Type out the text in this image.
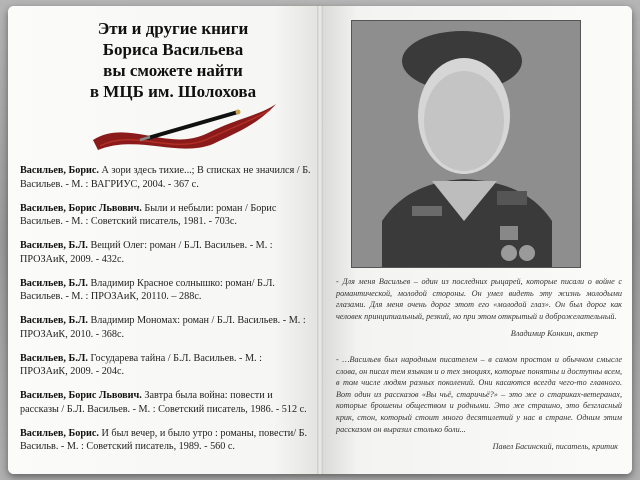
Эти и другие книги
Бориса Васильева
вы сможете найти
в МЦБ им. Шолохова
Васильев, Борис. А зори здесь тихие...; В списках не значился / Б. Васильев. - М. : ВАГРИУС, 2004. - 367 с.
Васильев, Борис Львович. Были и небыли: роман / Борис Васильев. - М. : Советский писатель, 1981. - 703с.
Васильев, Б.Л. Вещий Олег: роман / Б.Л. Васильев. - М. : ПРОЗАиК, 2009. - 432с.
Васильев, Б.Л. Владимир Красное солнышко: роман/ Б.Л. Васильев. - М. : ПРОЗАиК, 20110. – 288с.
Васильев, Б.Л. Владимир Мономах: роман / Б.Л. Васильев. - М. : ПРОЗАиК, 2010. - 368с.
Васильев, Б.Л. Государева тайна / Б.Л. Васильев. - М. : ПРОЗАиК, 2009. - 204с.
Васильев, Борис Львович. Завтра была война: повести и рассказы / Б.Л. Васильев. - М. : Советский писатель, 1986. - 512 с.
Васильев, Борис. И был вечер, и было утро : романы, повести/ Б. Васильв. - М. : Советский писатель, 1989. - 560 с.
- Для меня Васильев – один из последних рыцарей, которые писали о войне с романтической, молодой стороны. Он умел видеть эту жизнь молодыми глазами. Для меня очень дорог этот его «молодой глаз». Он был дорог как человек принципиальный, резкий, но при этом открытый и доброжелательный.
Владимир Конкин, актер
- …Васильев был народным писателем – в самом простом и обычном смысле слова, он писал тем языком и о тех эмоциях, которые понятны и доступны всем, в том числе людям разных поколений. Они касаются всегда чего-то главного. Вот один из рассказов «Вы чьё, старичьё?» – это же о стариках-ветеранах, которые брошены обществом и родными. Это же страшно, это безгласный крик, стон, который стоит много десятилетий у нас в стране. Одним этим рассказом он выразил столько боли...
Павел Басинский, писатель, критик
